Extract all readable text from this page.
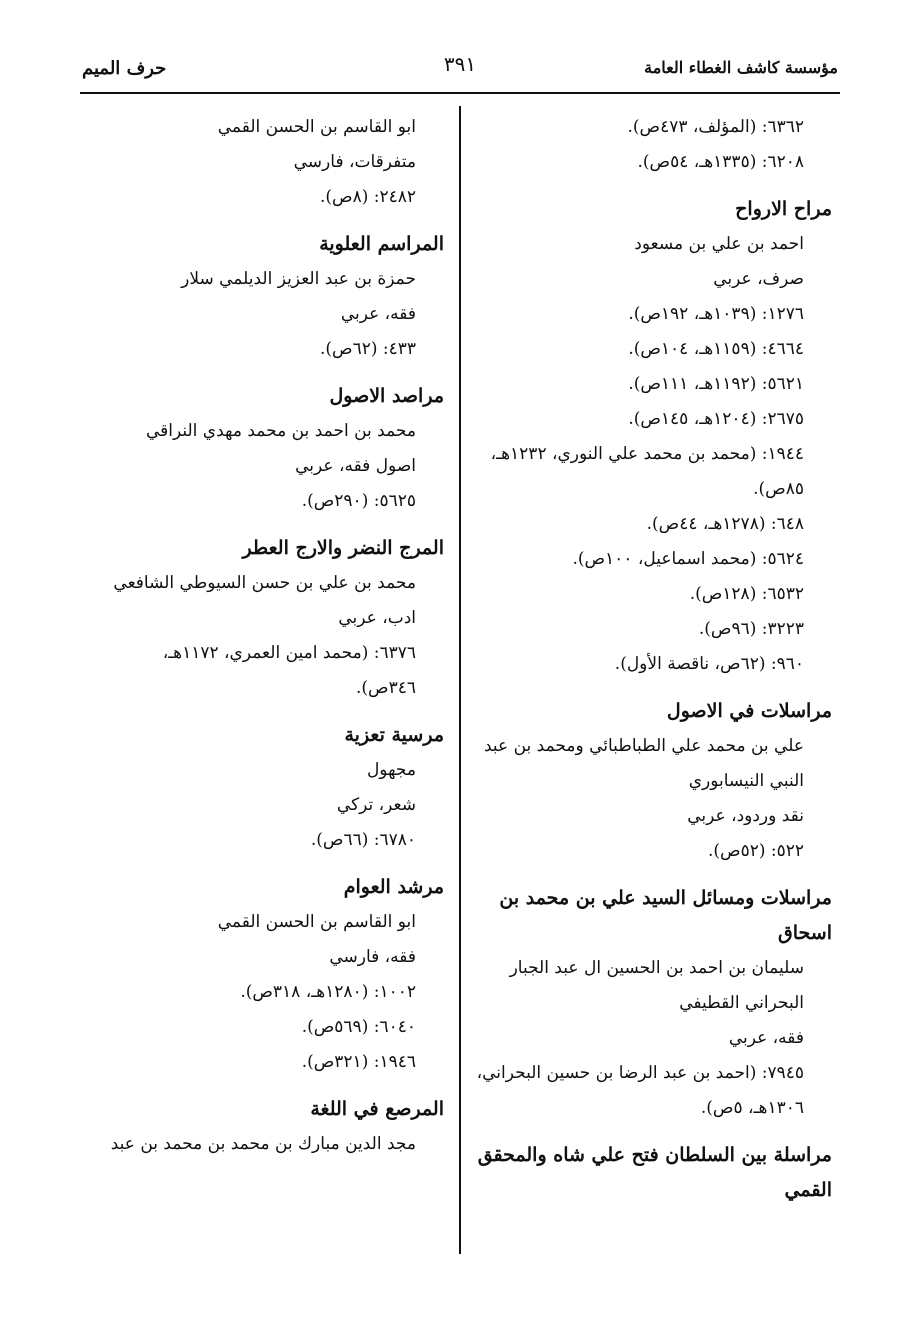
حرف الميم	٣٩١	مؤسسة كاشف الغطاء العامة
٦٣٦٢: (المؤلف، ٤٧٣ص).
٦٢٠٨: (١٣٣٥هـ، ٥٤ص).
مراح الارواح
احمد بن علي بن مسعود
صرف، عربي
١٢٧٦: (١٠٣٩هـ، ١٩٢ص).
٤٦٦٤: (١١٥٩هـ، ١٠٤ص).
٥٦٢١: (١١٩٢هـ، ١١١ص).
٢٦٧٥: (١٢٠٤هـ، ١٤٥ص).
١٩٤٤: (محمد بن محمد علي النوري، ١٢٣٢هـ، ٨٥ص).
٦٤٨: (١٢٧٨هـ، ٤٤ص).
٥٦٢٤: (محمد اسماعيل، ١٠٠ص).
٦٥٣٢: (١٢٨ص).
٣٢٢٣: (٩٦ص).
٩٦٠: (٦٢ص، ناقصة الأول).
مراسلات في الاصول
علي بن محمد علي الطباطبائي ومحمد بن عبد النبي النيسابوري
نقد وردود، عربي
٥٢٢: (٥٢ص).
مراسلات ومسائل السيد علي بن محمد بن اسحاق
سليمان بن احمد بن الحسين ال عبد الجبار البحراني القطيفي
فقه، عربي
٧٩٤٥: (احمد بن عبد الرضا بن حسين البحراني، ١٣٠٦هـ، ٥ص).
مراسلة بين السلطان فتح علي شاه والمحقق القمي
ابو القاسم بن الحسن القمي
متفرقات، فارسي
٢٤٨٢: (٨ص).
المراسم العلوية
حمزة بن عبد العزيز الديلمي سلار
فقه، عربي
٤٣٣: (٦٢ص).
مراصد الاصول
محمد بن احمد بن محمد مهدي النراقي
اصول فقه، عربي
٥٦٢٥: (٢٩٠ص).
المرج النضر والارج العطر
محمد بن علي بن حسن السيوطي الشافعي
ادب، عربي
٦٣٧٦: (محمد امين العمري، ١١٧٢هـ، ٣٤٦ص).
مرسية تعزية
مجهول
شعر، تركي
٦٧٨٠: (٦٦ص).
مرشد العوام
ابو القاسم بن الحسن القمي
فقه، فارسي
١٠٠٢: (١٢٨٠هـ، ٣١٨ص).
٦٠٤٠: (٥٦٩ص).
١٩٤٦: (٣٢١ص).
المرصع في اللغة
مجد الدين مبارك بن محمد بن محمد بن عبد
